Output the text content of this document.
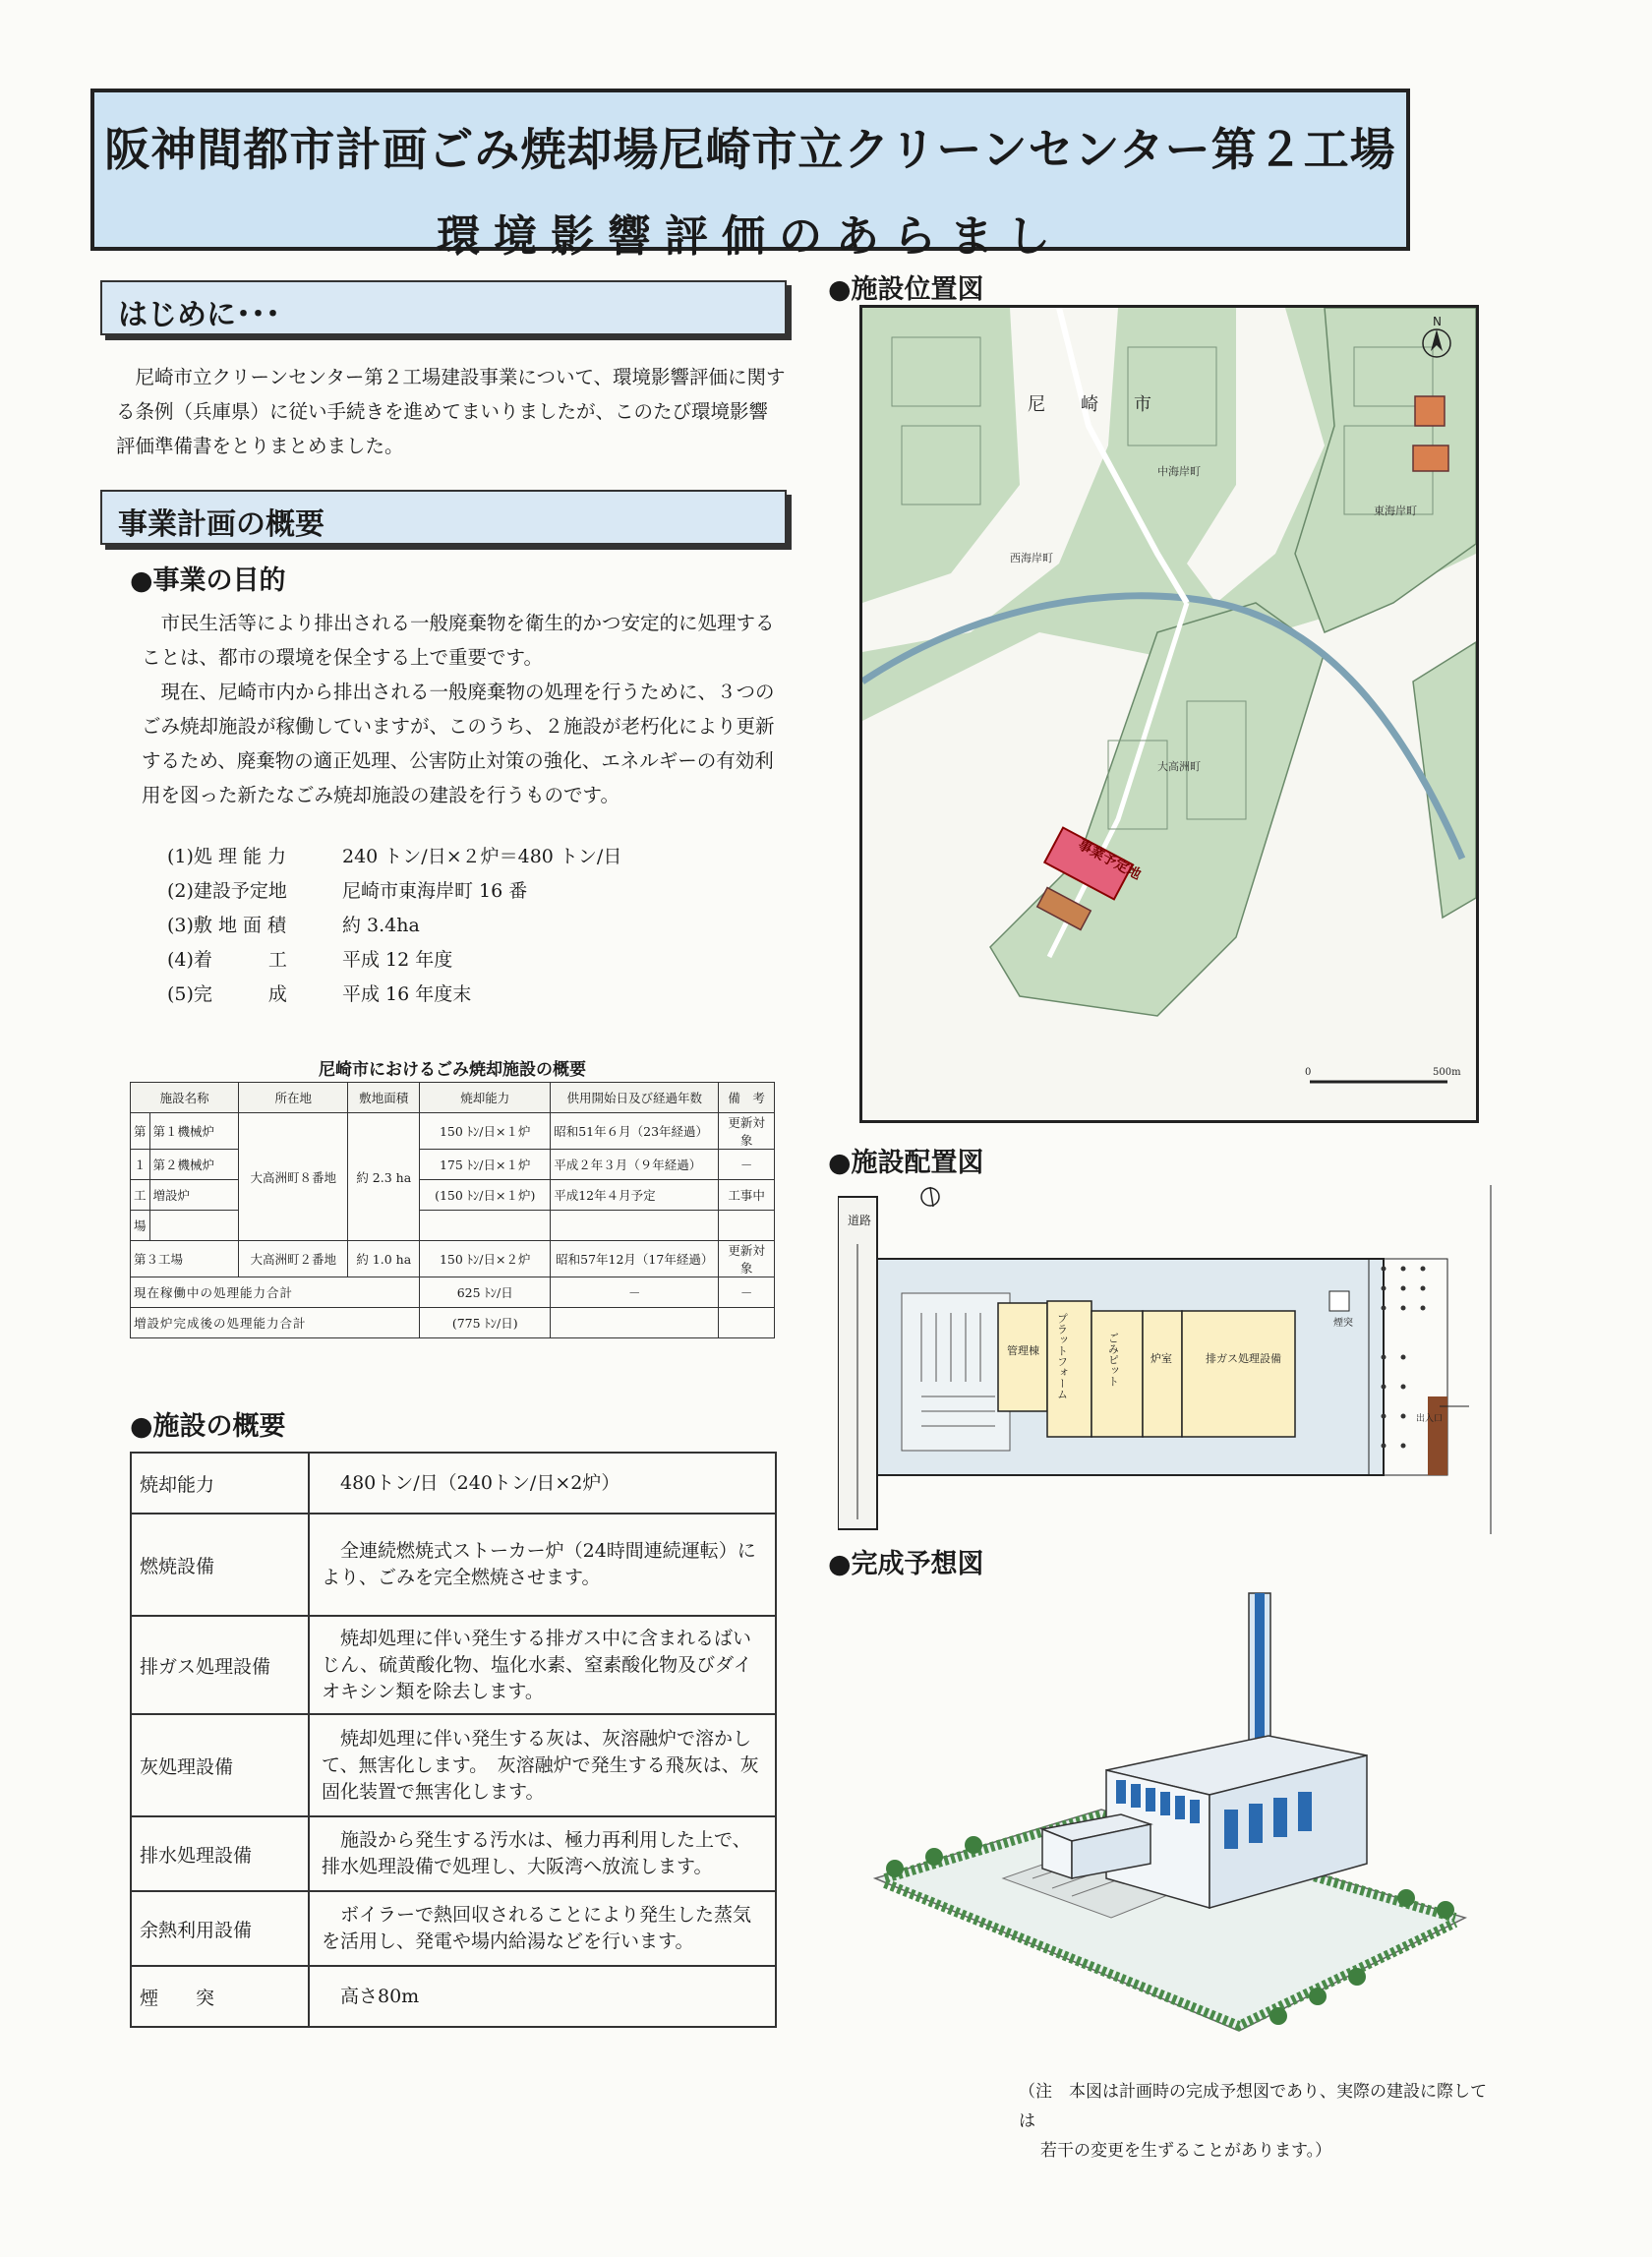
阪神間都市計画ごみ焼却場尼崎市立クリーンセンター第２工場
環境影響評価のあらまし
はじめに･･･
尼崎市立クリーンセンター第２工場建設事業について、環境影響評価に関する条例（兵庫県）に従い手続きを進めてまいりましたが、このたび環境影響評価準備書をとりまとめました。
事業計画の概要
●事業の目的
市民生活等により排出される一般廃棄物を衛生的かつ安定的に処理することは、都市の環境を保全する上で重要です。
現在、尼崎市内から排出される一般廃棄物の処理を行うために、３つのごみ焼却施設が稼働していますが、このうち、２施設が老朽化により更新するため、廃棄物の適正処理、公害防止対策の強化、エネルギーの有効利用を図った新たなごみ焼却施設の建設を行うものです。
(1)処 理 能 力	240 トン/日×２炉＝480 トン/日
(2)建設予定地	尼崎市東海岸町 16 番
(3)敷 地 面 積	約 3.4ha
(4)着　　　工	平成 12 年度
(5)完　　　成	平成 16 年度末
尼崎市におけるごみ焼却施設の概要
施設名称		所在地	敷地面積	焼却能力	供用開始日及び経過年数	備　考
第	第１機械炉	大高洲町８番地	約 2.3 ha	150 ﾄﾝ/日×１炉	昭和51年６月（23年経過）	更新対象
１	第２機械炉			175 ﾄﾝ/日×１炉	平成２年３月（９年経過）	－
工	増設炉			(150 ﾄﾝ/日×１炉)	平成12年４月予定	工事中
場						
第３工場		大高洲町２番地	約 1.0 ha	150 ﾄﾝ/日×２炉	昭和57年12月（17年経過）	更新対象
現在稼働中の処理能力合計				625 ﾄﾝ/日	－	－
増設炉完成後の処理能力合計				(775 ﾄﾝ/日)		
●施設の概要
焼却能力	480トン/日（240トン/日×2炉）
燃焼設備	全連続燃焼式ストーカー炉（24時間連続運転）により、ごみを完全燃焼させます。
排ガス処理設備	焼却処理に伴い発生する排ガス中に含まれるばいじん、硫黄酸化物、塩化水素、窒素酸化物及びダイオキシン類を除去します。
灰処理設備	焼却処理に伴い発生する灰は、灰溶融炉で溶かして、無害化します。　灰溶融炉で発生する飛灰は、灰固化装置で無害化します。
排水処理設備	施設から発生する汚水は、極力再利用した上で、排水処理設備で処理し、大阪湾へ放流します。
余熱利用設備	ボイラーで熱回収されることにより発生した蒸気を活用し、発電や場内給湯などを行います。
煙　　突	高さ80m
●施設位置図
尼　　崎　　市
事業予定地
西海岸町
中海岸町
東海岸町
大高洲町
N
0	500m
●施設配置図
道路
管理棟 プラットフォーム	ごみピット	炉室	排ガス処理設備
煙突
出入口
●完成予想図
（注　本図は計画時の完成予想図であり、実際の建設に際しては
若干の変更を生ずることがあります。）
